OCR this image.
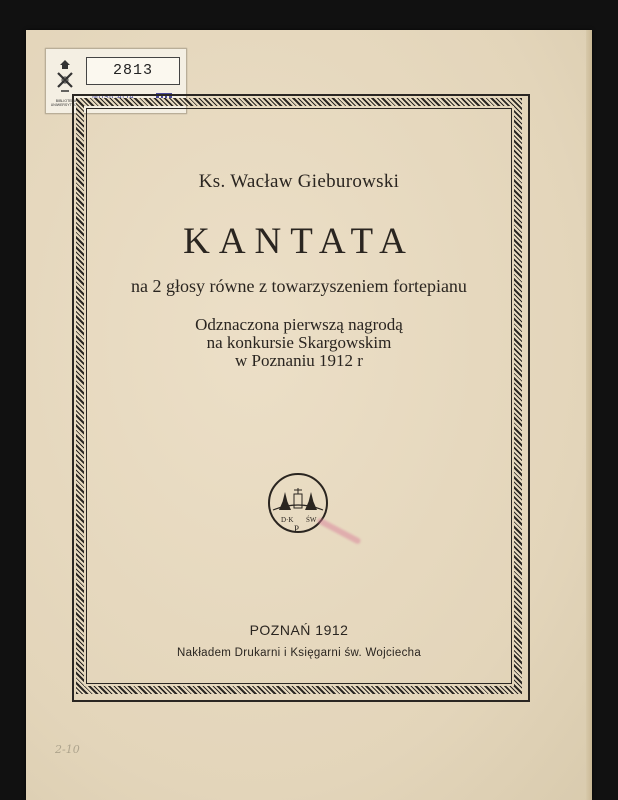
BIBLIOTEKA UNIWERSYTECKA
2813
MUSICALIA
Ks. Wacław Gieburowski
KANTATA
na 2 głosy równe z towarzyszeniem fortepianu
Odznaczona pierwszą nagrodą
na konkursie Skargowskim
w Poznaniu 1912 r
D·K ŚW
P
POZNAŃ 1912
Nakładem Drukarni i Księgarni św. Wojciecha
2-10
